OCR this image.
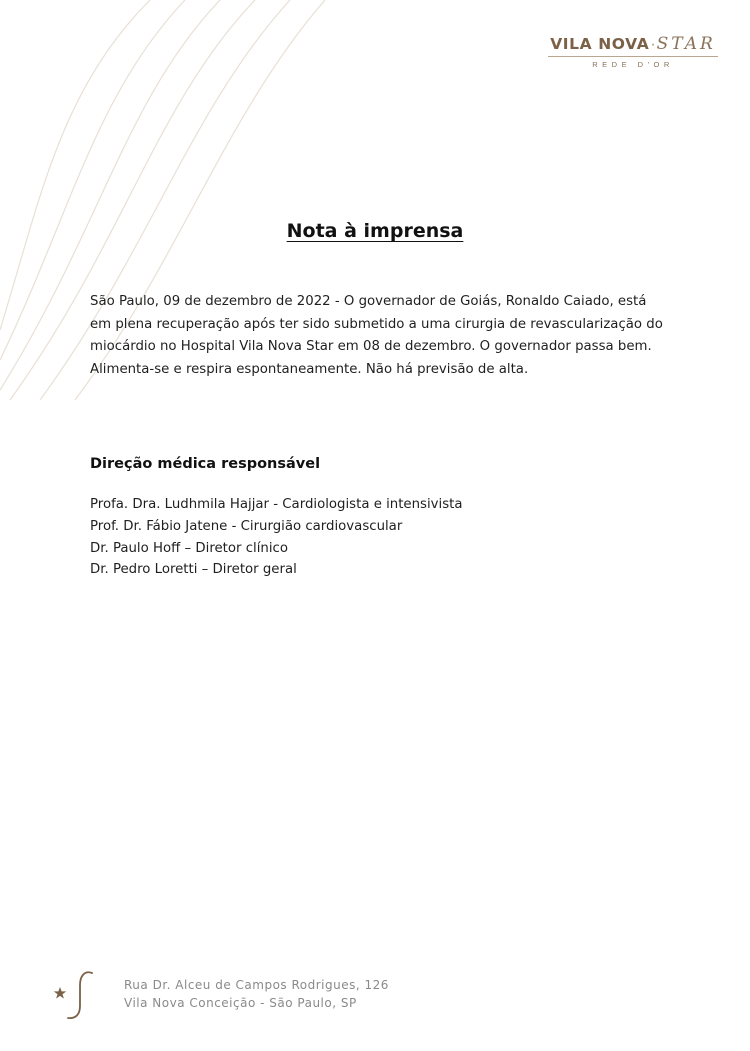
VILA NOVA · STAR
REDE D'OR
Nota à imprensa

São Paulo, 09 de dezembro de 2022 - O governador de Goiás, Ronaldo Caiado, está em plena recuperação após ter sido submetido a uma cirurgia de revascularização do miocárdio no Hospital Vila Nova Star em 08 de dezembro. O governador passa bem. Alimenta-se e respira espontaneamente. Não há previsão de alta.

Direção médica responsável
Profa. Dra. Ludhmila Hajjar - Cardiologista e intensivista
Prof. Dr. Fábio Jatene - Cirurgião cardiovascular
Dr. Paulo Hoff – Diretor clínico
Dr. Pedro Loretti – Diretor geral
Rua Dr. Alceu de Campos Rodrigues, 126
Vila Nova Conceição - São Paulo, SP
